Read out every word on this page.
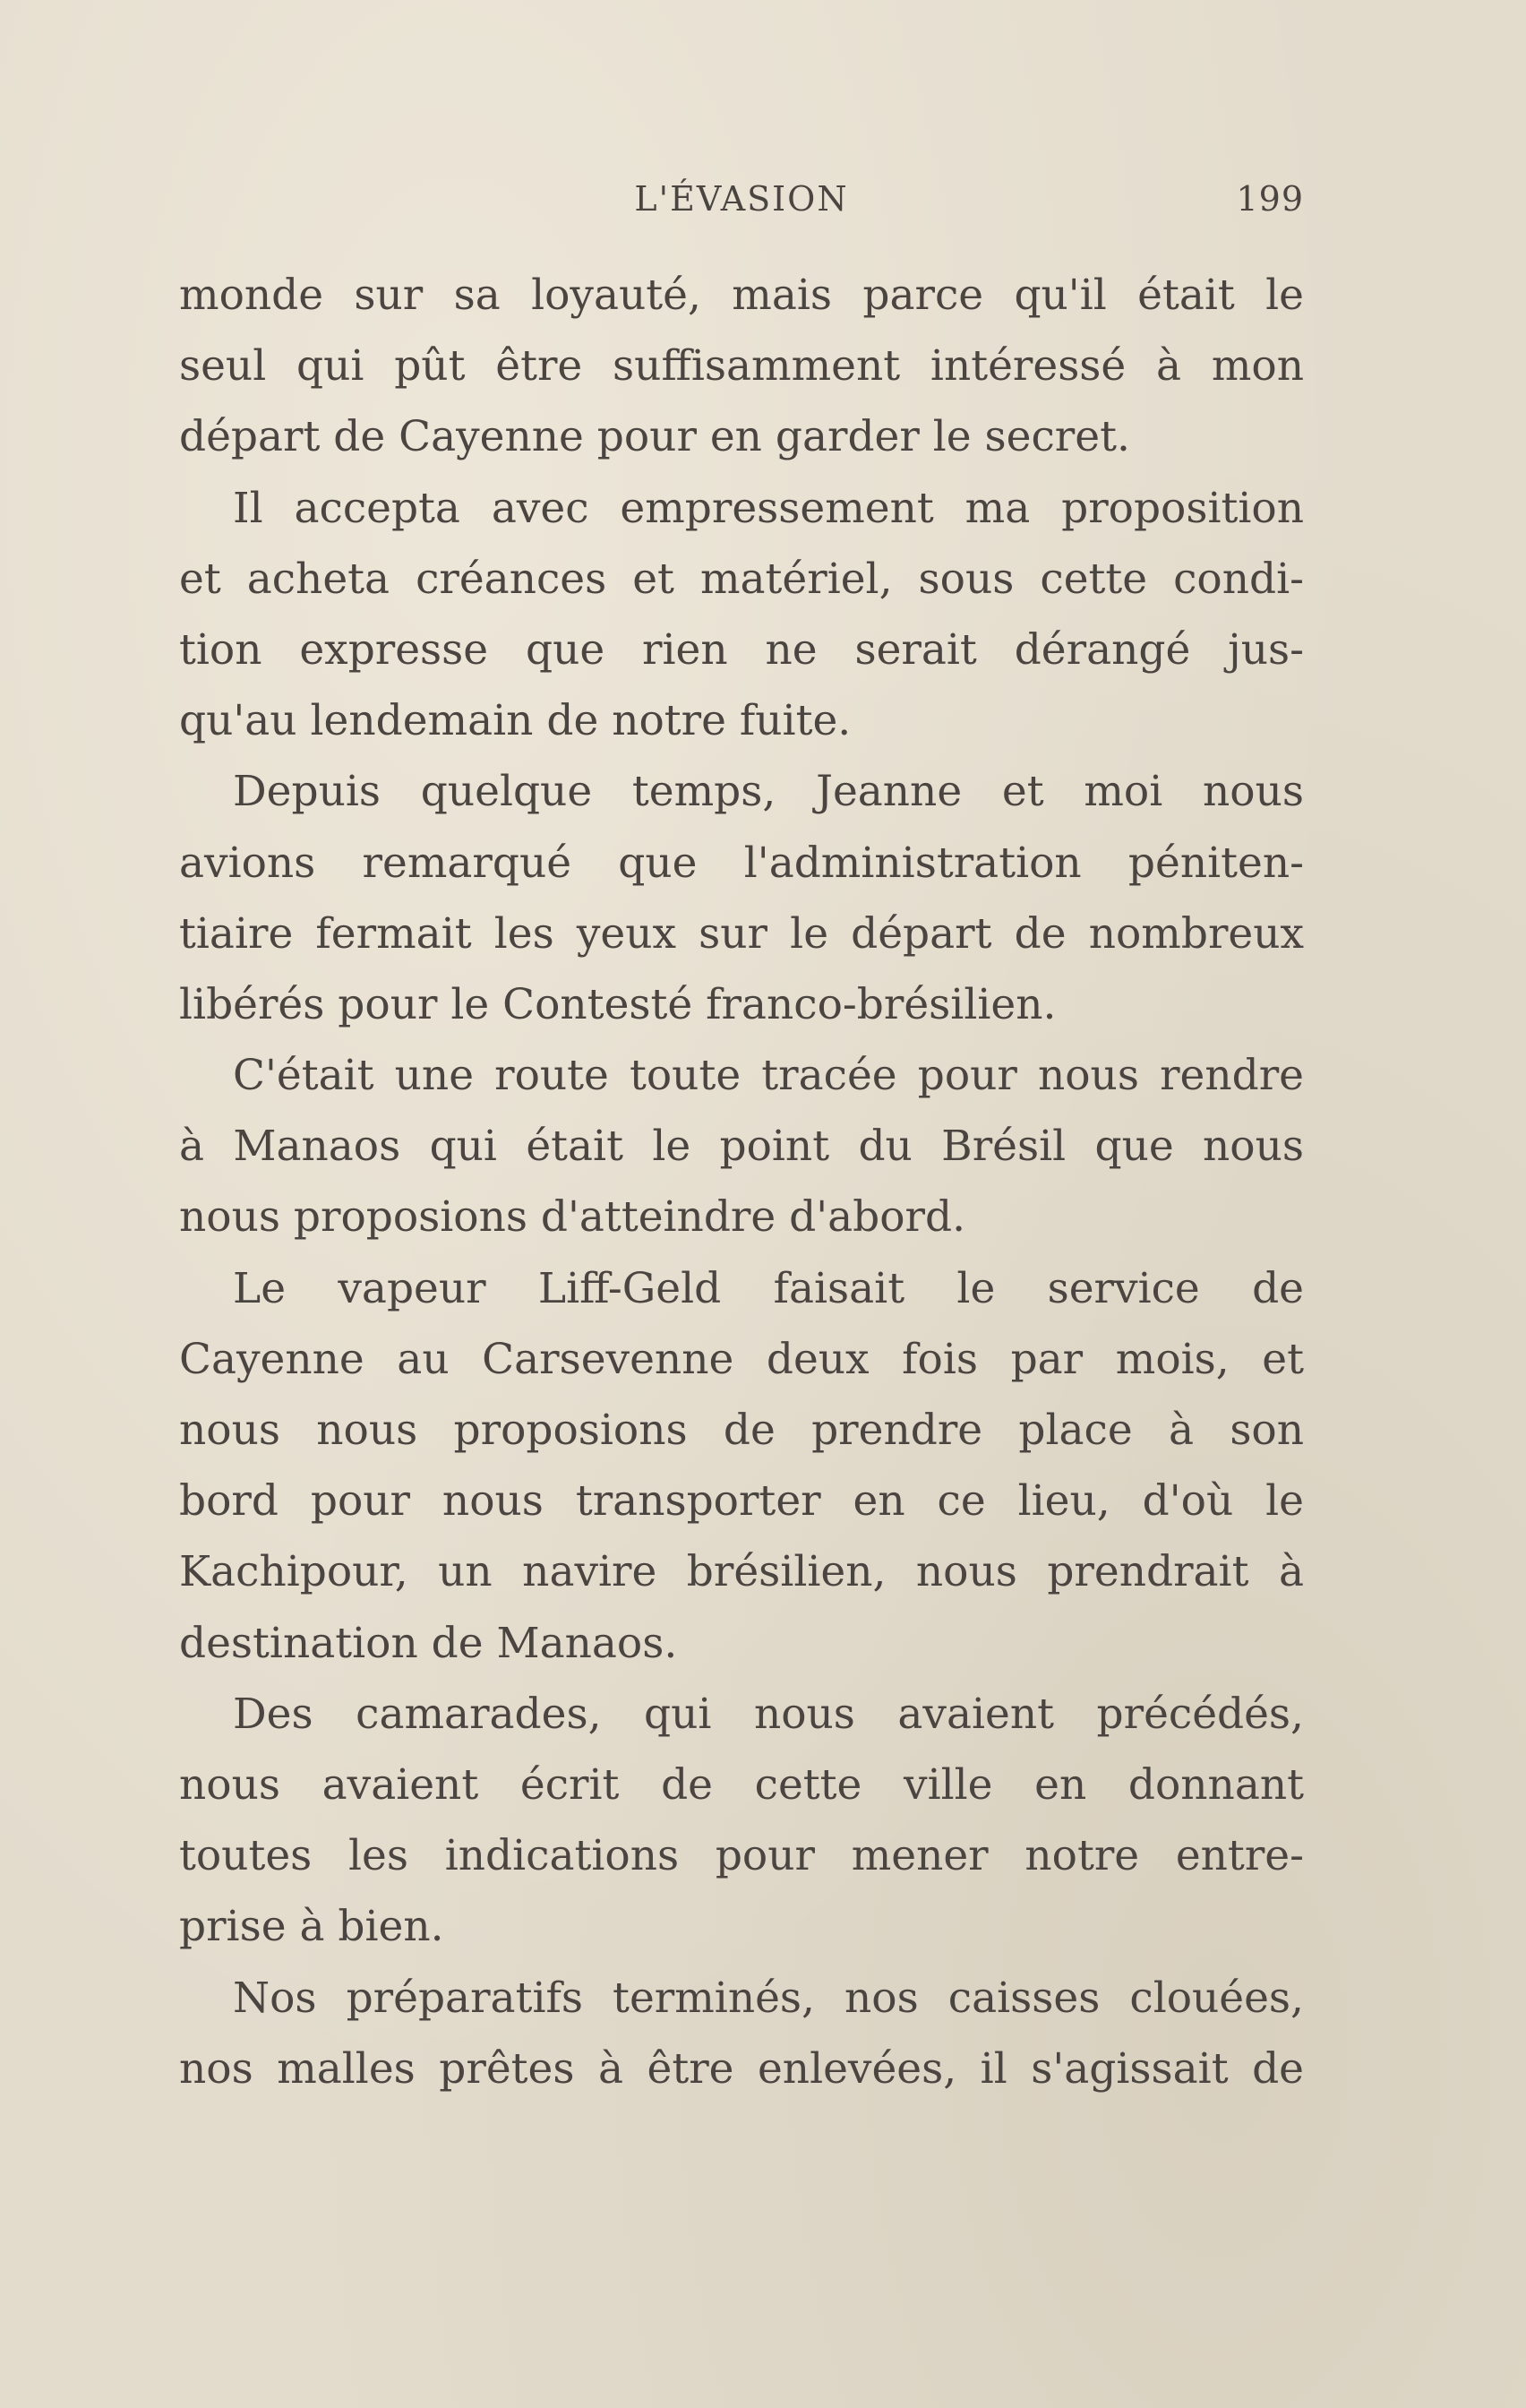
L'ÉVASION	199
monde sur sa loyauté, mais parce qu'il était le
seul qui pût être suffisamment intéressé à mon
départ de Cayenne pour en garder le secret.
Il accepta avec empressement ma proposition
et acheta créances et matériel, sous cette condi-
tion expresse que rien ne serait dérangé jus-
qu'au lendemain de notre fuite.
Depuis quelque temps, Jeanne et moi nous
avions remarqué que l'administration péniten-
tiaire fermait les yeux sur le départ de nombreux
libérés pour le Contesté franco-brésilien.
C'était une route toute tracée pour nous rendre
à Manaos qui était le point du Brésil que nous
nous proposions d'atteindre d'abord.
Le vapeur Liff-Geld faisait le service de
Cayenne au Carsevenne deux fois par mois, et
nous nous proposions de prendre place à son
bord pour nous transporter en ce lieu, d'où le
Kachipour, un navire brésilien, nous prendrait à
destination de Manaos.
Des camarades, qui nous avaient précédés,
nous avaient écrit de cette ville en donnant
toutes les indications pour mener notre entre-
prise à bien.
Nos préparatifs terminés, nos caisses clouées,
nos malles prêtes à être enlevées, il s'agissait de
